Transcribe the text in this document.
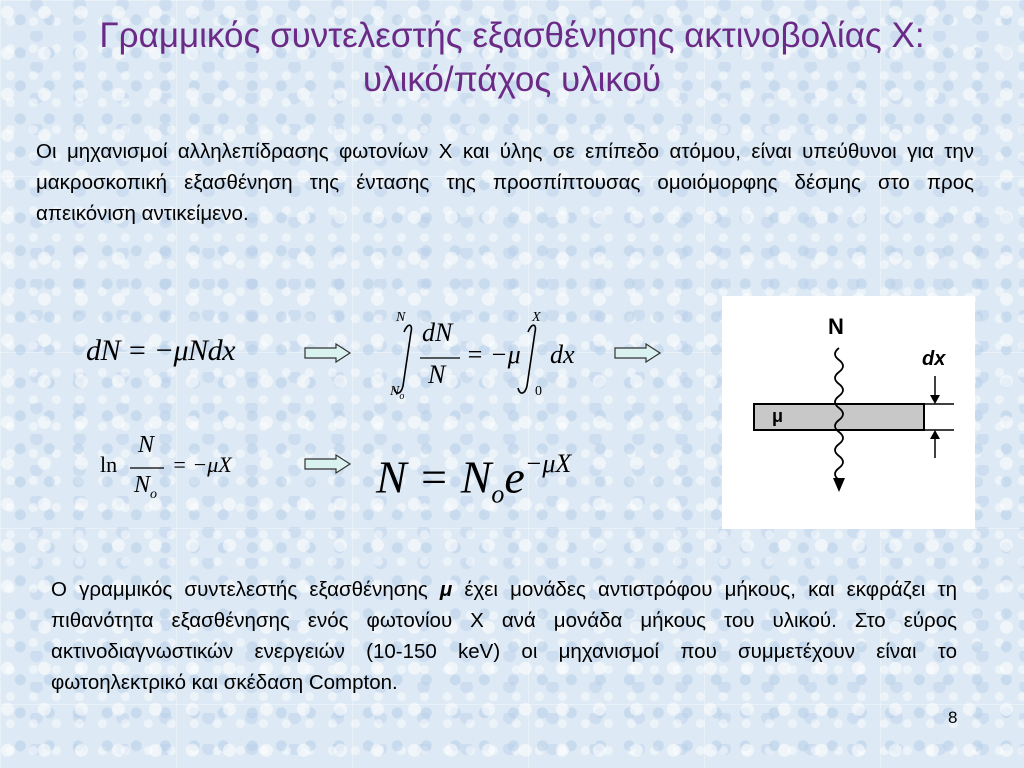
Γραμμικός συντελεστής εξασθένησης ακτινοβολίας Χ:
υλικό/πάχος υλικού
Οι μηχανισμοί αλληλεπίδρασης φωτονίων Χ και ύλης σε επίπεδο ατόμου, είναι υπεύθυνοι για την μακροσκοπική εξασθένηση της έντασης της προσπίπτουσας ομοιόμορφης δέσμης στο προς απεικόνιση αντικείμενο.
dN = −μNdx
N
$N_o$
dN
N
= −μ
X
0
dx
ln
N
$N_o$
= −μX	$N = N_oe^{-\mu X}$
N
dx
μ
Ο γραμμικός συντελεστής εξασθένησης μ έχει μονάδες αντιστρόφου μήκους, και εκφράζει τη πιθανότητα εξασθένησης ενός φωτονίου Χ ανά μονάδα μήκους του υλικού. Στο εύρος ακτινοδιαγνωστικών ενεργειών (10-150 keV) οι μηχανισμοί που συμμετέχουν είναι το φωτοηλεκτρικό και σκέδαση Compton.
8
